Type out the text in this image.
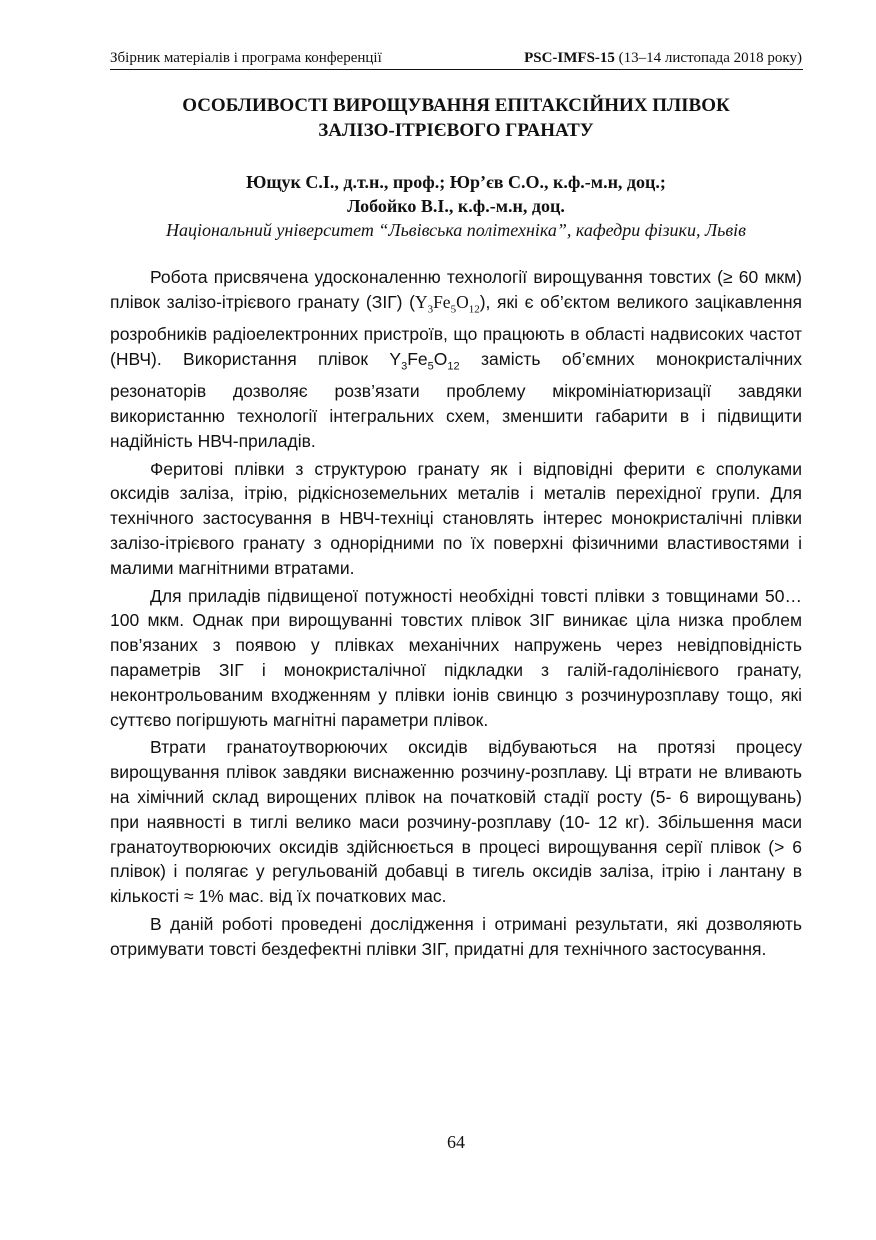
Збірник матеріалів і програма конференції	PSC-IMFS-15 (13–14 листопада 2018 року)
ОСОБЛИВОСТІ ВИРОЩУВАННЯ ЕПІТАКСІЙНИХ ПЛІВОК
ЗАЛІЗО-ІТРІЄВОГО ГРАНАТУ
Ющук С.І., д.т.н., проф.; Юр’єв С.О., к.ф.-м.н, доц.;
Лобойко В.І., к.ф.-м.н, доц.
Національний університет “Львівська політехніка”, кафедри фізики, Львів

Робота присвячена удосконаленню технології вирощування товстих (≥ 60 мкм) плівок залізо-ітрієвого гранату (ЗІГ) $(Y_3Fe_5O_{12})$, які є об’єктом великого зацікавлення розробників радіоелектронних пристроїв, що працюють в області надвисоких частот (НВЧ). Використання плівок $Y_3Fe_5O_{12}$ замість об’ємних монокристалічних резонаторів дозволяє розв’язати проблему мікромініатюризації завдяки використанню технології інтегральних схем, зменшити габарити в і підвищити надійність НВЧ-приладів.

Феритові плівки з структурою гранату як і відповідні ферити є сполуками оксидів заліза, ітрію, рідкісноземельних металів і металів перехідної групи. Для технічного застосування в НВЧ-техніці становлять інтерес монокристалічні плівки залізо-ітрієвого гранату з однорідними по їх поверхні фізичними властивостями і малими магнітними втратами.

Для приладів підвищеної потужності необхідні товсті плівки з товщинами 50…100 мкм. Однак при вирощуванні товстих плівок ЗІГ виникає ціла низка проблем пов’язаних з появою у плівках механічних напружень через невідповідність параметрів ЗІГ і монокристалічної підкладки з галій-гадолінієвого гранату, неконтрольованим входженням у плівки іонів свинцю з розчинурозплаву тощо, які суттєво погіршують магнітні параметри плівок.

Втрати гранатоутворюючих оксидів відбуваються на протязі процесу вирощування плівок завдяки виснаженню розчину-розплаву. Ці втрати не вливають на хімічний склад вирощених плівок на початковій стадії росту (5- 6 вирощувань) при наявності в тиглі велико маси розчину-розплаву (10- 12 кг). Збільшення маси гранатоутворюючих оксидів здійснюється в процесі вирощування серії плівок (> 6 плівок) і полягає у регульованій добавці в тигель оксидів заліза, ітрію і лантану в кількості ≈ 1% мас. від їх початкових мас.

В даній роботі проведені дослідження і отримані результати, які дозволяють отримувати товсті бездефектні плівки ЗІГ, придатні для технічного застосування.

64
